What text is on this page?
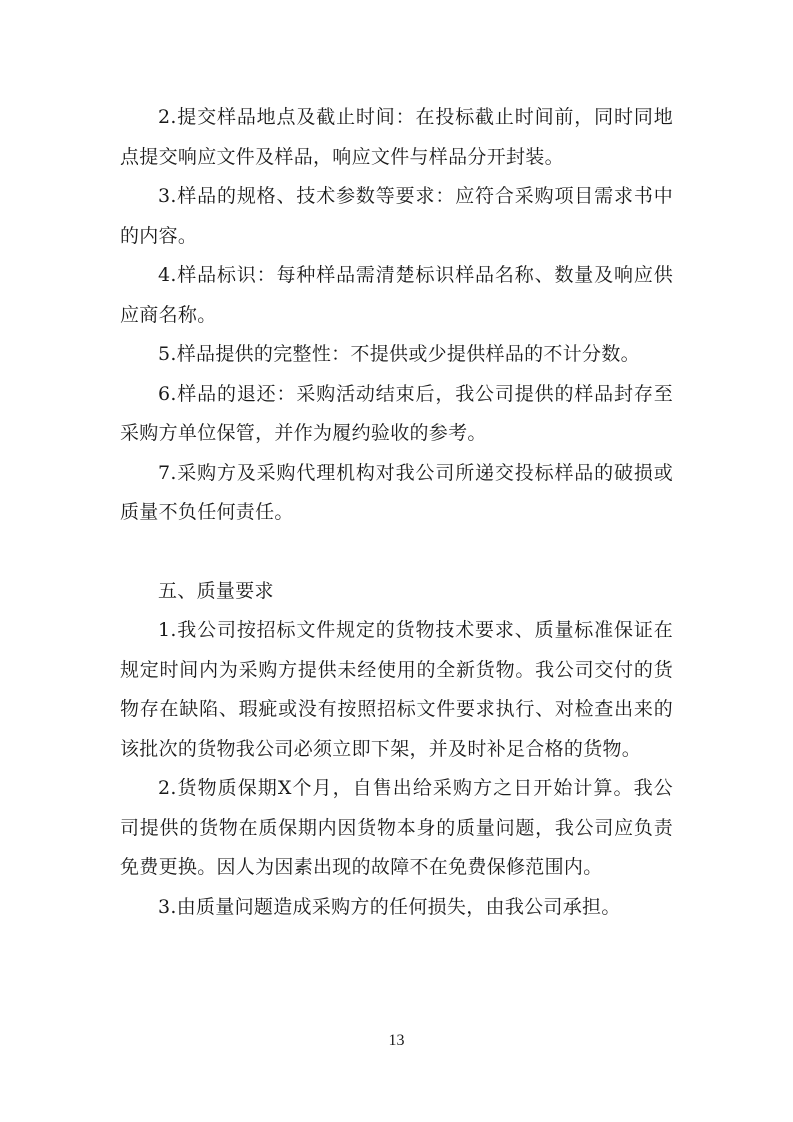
2.提交样品地点及截止时间：在投标截止时间前，同时同地点提交响应文件及样品，响应文件与样品分开封装。

3.样品的规格、技术参数等要求：应符合采购项目需求书中的内容。

4.样品标识：每种样品需清楚标识样品名称、数量及响应供应商名称。

5.样品提供的完整性：不提供或少提供样品的不计分数。

6.样品的退还：采购活动结束后，我公司提供的样品封存至采购方单位保管，并作为履约验收的参考。

7.采购方及采购代理机构对我公司所递交投标样品的破损或质量不负任何责任。

五、质量要求

1.我公司按招标文件规定的货物技术要求、质量标准保证在规定时间内为采购方提供未经使用的全新货物。我公司交付的货物存在缺陷、瑕疵或没有按照招标文件要求执行、对检查出来的该批次的货物我公司必须立即下架，并及时补足合格的货物。

2.货物质保期X个月，自售出给采购方之日开始计算。我公司提供的货物在质保期内因货物本身的质量问题，我公司应负责免费更换。因人为因素出现的故障不在免费保修范围内。

3.由质量问题造成采购方的任何损失，由我公司承担。

13
